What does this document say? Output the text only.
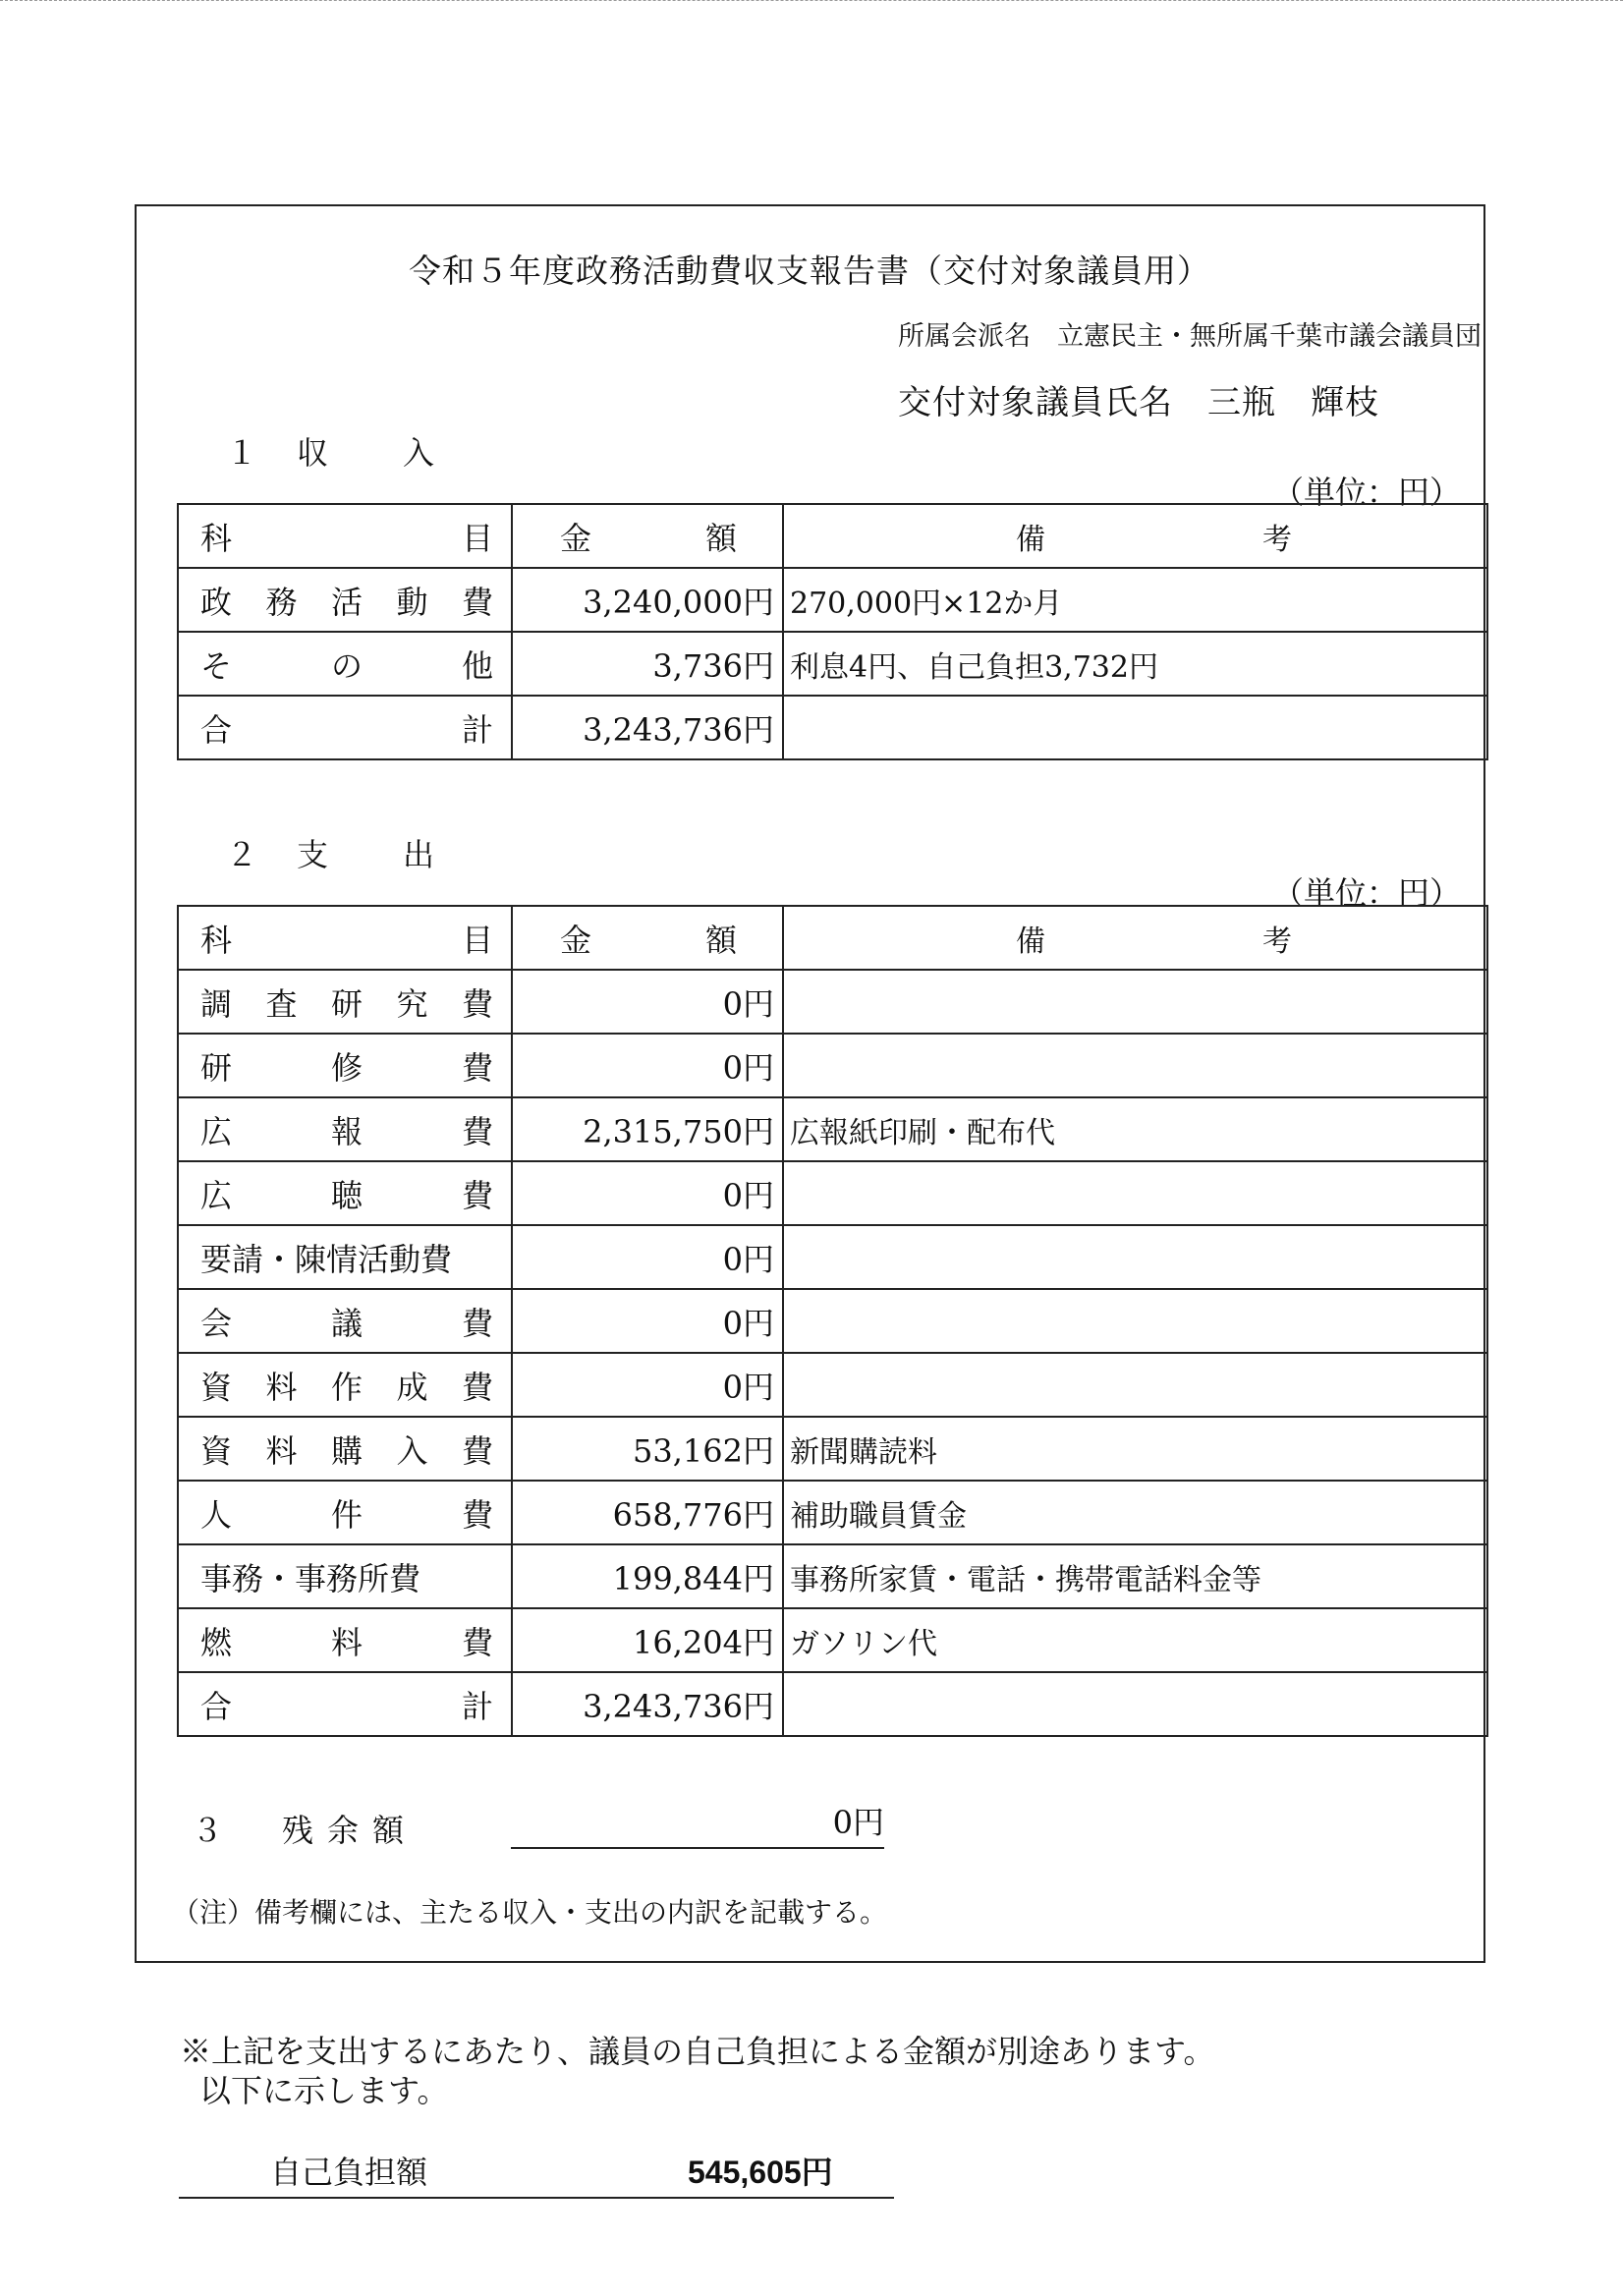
令和５年度政務活動費収支報告書（交付対象議員用）
所属会派名　立憲民主・無所属千葉市議会議員団
交付対象議員氏名　三瓶　輝枝
１　収　　入
（単位：円）
科 目	金 額	備 考

政 務 活 動 費	3,240,000円	270,000円×12か月

そ の 他	3,736円	利息4円、自己負担3,732円

合 計	3,243,736円	
２　支　　出
（単位：円）
科 目	金 額	備 考

調 査 研 究 費	0円	

研 修 費	0円	

広 報 費	2,315,750円	広報紙印刷・配布代

広 聴 費	0円	
要請・陳情活動費	0円	

会 議 費	0円	

資 料 作 成 費	0円	

資 料 購 入 費	53,162円	新聞購読料

人 件 費	658,776円	補助職員賃金
事務・事務所費	199,844円	事務所家賃・電話・携帯電話料金等

燃 料 費	16,204円	ガソリン代

合 計	3,243,736円	
３　残余額	0円
（注）備考欄には、主たる収入・支出の内訳を記載する。
※上記を支出するにあたり、議員の自己負担による金額が別途あります。
以下に示します。
自己負担額	545,605円
